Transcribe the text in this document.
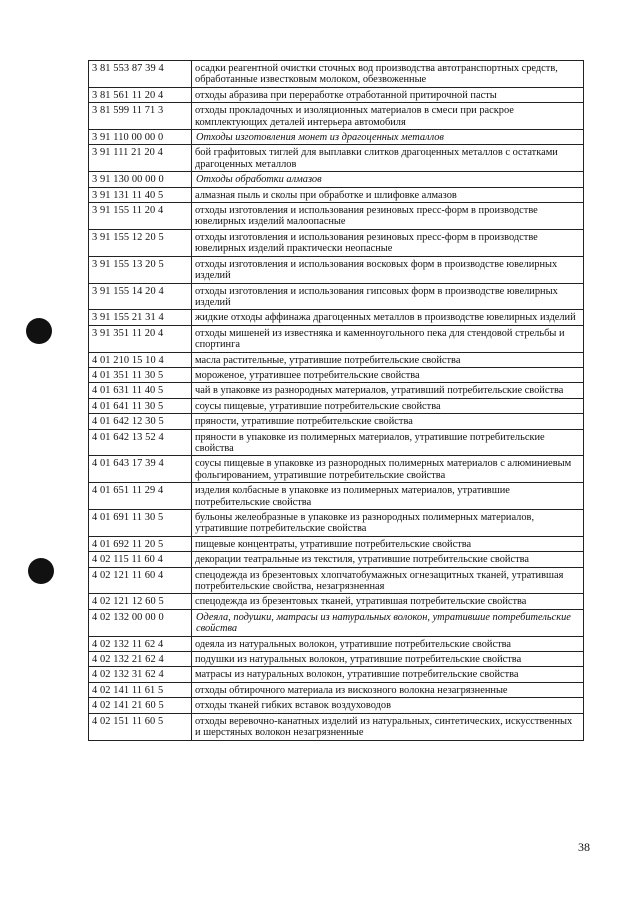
3 81 553 87 39 4	осадки реагентной очистки сточных вод производства автотранспортных средств, обработанные известковым молоком, обезвоженные
3 81 561 11 20 4	отходы абразива при переработке отработанной притирочной пасты
3 81 599 11 71 3	отходы прокладочных и изоляционных материалов в смеси при раскрое комплектующих деталей интерьера автомобиля
3 91 110 00 00 0	Отходы изготовления монет из драгоценных металлов
3 91 111 21 20 4	бой графитовых тиглей для выплавки слитков драгоценных металлов с остатками драгоценных металлов
3 91 130 00 00 0	Отходы обработки алмазов
3 91 131 11 40 5	алмазная пыль и сколы при обработке и шлифовке алмазов
3 91 155 11 20 4	отходы изготовления и использования резиновых пресс-форм в производстве ювелирных изделий малоопасные
3 91 155 12 20 5	отходы изготовления и использования резиновых пресс-форм в производстве ювелирных изделий практически неопасные
3 91 155 13 20 5	отходы изготовления и использования восковых форм в производстве ювелирных изделий
3 91 155 14 20 4	отходы изготовления и использования гипсовых форм в производстве ювелирных изделий
3 91 155 21 31 4	жидкие отходы аффинажа драгоценных металлов в производстве ювелирных изделий
3 91 351 11 20 4	отходы мишеней из известняка и каменноугольного пека для стендовой стрельбы и спортинга
4 01 210 15 10 4	масла растительные, утратившие потребительские свойства
4 01 351 11 30 5	мороженое, утратившее потребительские свойства
4 01 631 11 40 5	чай в упаковке из разнородных материалов, утративший потребительские свойства
4 01 641 11 30 5	соусы пищевые, утратившие потребительские свойства
4 01 642 12 30 5	пряности, утратившие потребительские свойства
4 01 642 13 52 4	пряности в упаковке из полимерных материалов, утратившие потребительские свойства
4 01 643 17 39 4	соусы пищевые в упаковке из разнородных полимерных материалов с алюминиевым фольгированием, утратившие потребительские свойства
4 01 651 11 29 4	изделия колбасные в упаковке из полимерных материалов, утратившие потребительские свойства
4 01 691 11 30 5	бульоны желеобразные в упаковке из разнородных полимерных материалов, утратившие потребительские свойства
4 01 692 11 20 5	пищевые концентраты, утратившие потребительские свойства
4 02 115 11 60 4	декорации театральные из текстиля, утратившие потребительские свойства
4 02 121 11 60 4	спецодежда из брезентовых хлопчатобумажных огнезащитных тканей, утратившая потребительские свойства, незагрязненная
4 02 121 12 60 5	спецодежда из брезентовых тканей, утратившая потребительские свойства
4 02 132 00 00 0	Одеяла, подушки, матрасы из натуральных волокон, утратившие потребительские свойства
4 02 132 11 62 4	одеяла из натуральных волокон, утратившие потребительские свойства
4 02 132 21 62 4	подушки из натуральных волокон, утратившие потребительские свойства
4 02 132 31 62 4	матрасы из натуральных волокон, утратившие потребительские свойства
4 02 141 11 61 5	отходы обтирочного материала из вискозного волокна незагрязненные
4 02 141 21 60 5	отходы тканей гибких вставок воздуховодов
4 02 151 11 60 5	отходы веревочно-канатных изделий из натуральных, синтетических, искусственных и шерстяных волокон незагрязненные
38
